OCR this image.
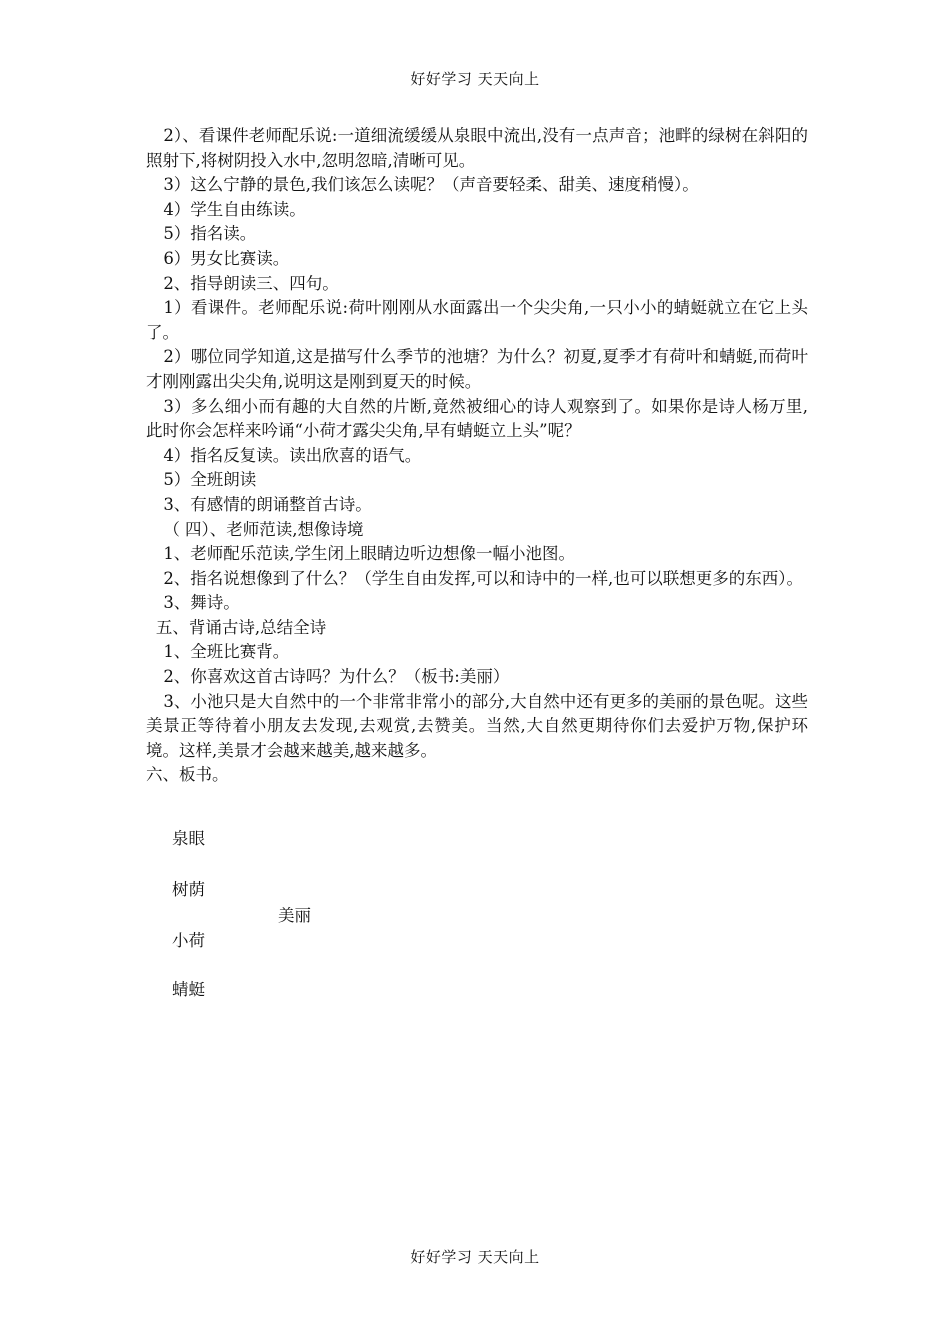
好好学习 天天向上

2）、看课件老师配乐说:一道细流缓缓从泉眼中流出,没有一点声音；池畔的绿树在斜阳的照射下,将树阴投入水中,忽明忽暗,清晰可见。

3）这么宁静的景色,我们该怎么读呢？（声音要轻柔、甜美、速度稍慢）。

4）学生自由练读。

5）指名读。

6）男女比赛读。

2、指导朗读三、四句。

1）看课件。老师配乐说:荷叶刚刚从水面露出一个尖尖角,一只小小的蜻蜓就立在它上头了。

2）哪位同学知道,这是描写什么季节的池塘？为什么？初夏,夏季才有荷叶和蜻蜓,而荷叶才刚刚露出尖尖角,说明这是刚到夏天的时候。

3）多么细小而有趣的大自然的片断,竟然被细心的诗人观察到了。如果你是诗人杨万里,此时你会怎样来吟诵“小荷才露尖尖角,早有蜻蜓立上头”呢？

4）指名反复读。读出欣喜的语气。

5）全班朗读

3、有感情的朗诵整首古诗。

（ 四）、老师范读,想像诗境

1、老师配乐范读,学生闭上眼睛边听边想像一幅小池图。

2、指名说想像到了什么？（学生自由发挥,可以和诗中的一样,也可以联想更多的东西）。

3、舞诗。

五、背诵古诗,总结全诗

1、全班比赛背。

2、你喜欢这首古诗吗？为什么？（板书:美丽）

3、小池只是大自然中的一个非常非常小的部分,大自然中还有更多的美丽的景色呢。这些美景正等待着小朋友去发现,去观赏,去赞美。当然,大自然更期待你们去爱护万物,保护环境。这样,美景才会越来越美,越来越多。

六、板书。

泉眼
树荫
美丽
小荷
蜻蜓
好好学习 天天向上
